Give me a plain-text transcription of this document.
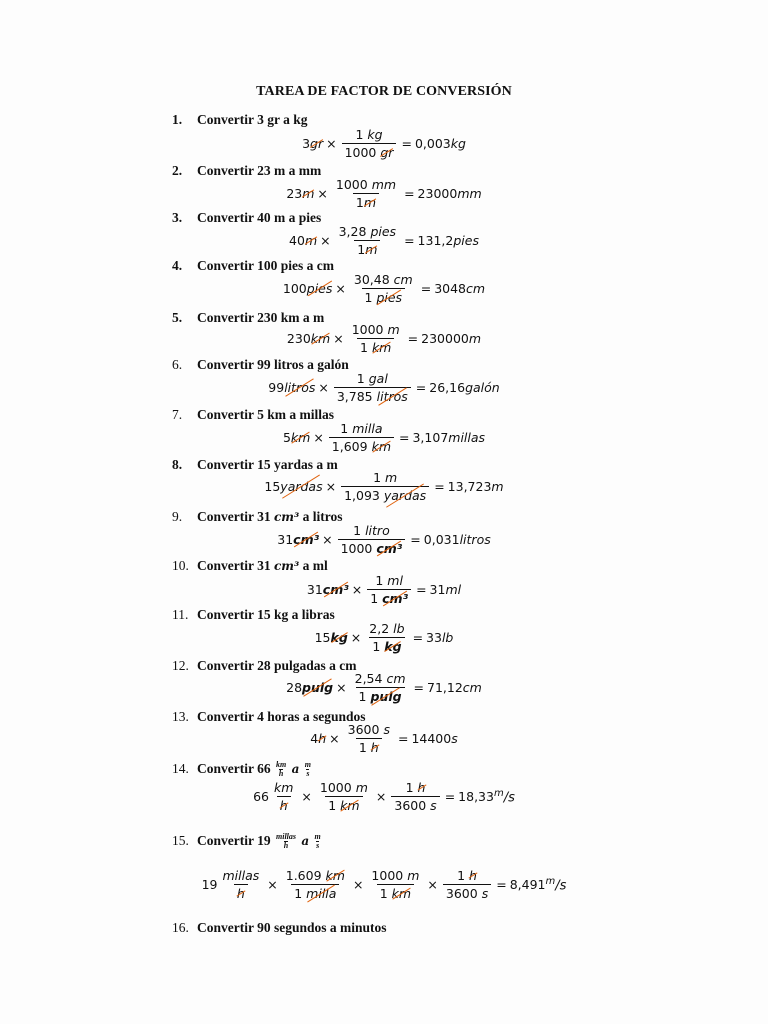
TAREA DE FACTOR DE CONVERSIÓN
1. Convertir 3 gr a kg
3 gr × $\frac{1 kg}{1000 gr} = 0,003$ kg
2. Convertir 23 m a mm
23 $m \times \frac{1000 mm}{1m} = 23000$ mm
3. Convertir 40 m a pies
40 $m \times \frac{\text{3,28 pies}}{1m} = 131,2$ pies
4. Convertir 100 pies a cm
100 pies × $\frac{30,48 cm}{\text{1 pies}} = 3048$ cm
5. Convertir 230 km a m
230 km × $\frac{1000 m}{1 km} = 230000$ m
6. Convertir 99 litros a galón
99 litros × $\frac{\text{1 gal}}{\text{3,785 litros}} = 26,16$ galón
7. Convertir 5 km a millas
5 km × $\frac{\text{1 milla}}{1,609 km} = 3,107$ millas
8. Convertir 15 yardas a m
15 yardas × $\frac{1 m}{\text{1,093 yardas}} = 13,723$ m
9. Convertir 31 cm³ a litros
31 $cm^3 \times \frac{\text{1 litro}}{\text{1000 cm³}} = 0,031$ litros
10. Convertir 31 cm³ a ml
31 $cm^3 \times \frac{1 ml}{\text{1 cm³}} = 31$ ml
11. Convertir 15 kg a libras
15 kg × $\frac{2,2 lb}{1 kg} = 33$ lb
12. Convertir 28 pulgadas a cm
28 $pulg \times \frac{2,54 cm}{1 pulg} = 71,12$ cm
13. Convertir 4 horas a segundos
4 $h \times \frac{3600 s}{1 h} = 14400$ s
14. Convertir $66 \frac{km}{h}$ a $\frac{m}{s}$
$66 \frac{km}{h} \times \frac{1000 m}{1 km} \times \frac{1 h}{3600 s} = 18,33$ $^m$/s
15. Convertir 19 millas
h a $\frac{m}{s}$
$19 \frac{\text{millas}}{h} \times \frac{1.609 km}{\text{1 milla}} \times \frac{1000 m}{1 km} \times \frac{1 h}{3600 s} = 8,491$ $^m$/s
16. Convertir 90 segundos a minutos
